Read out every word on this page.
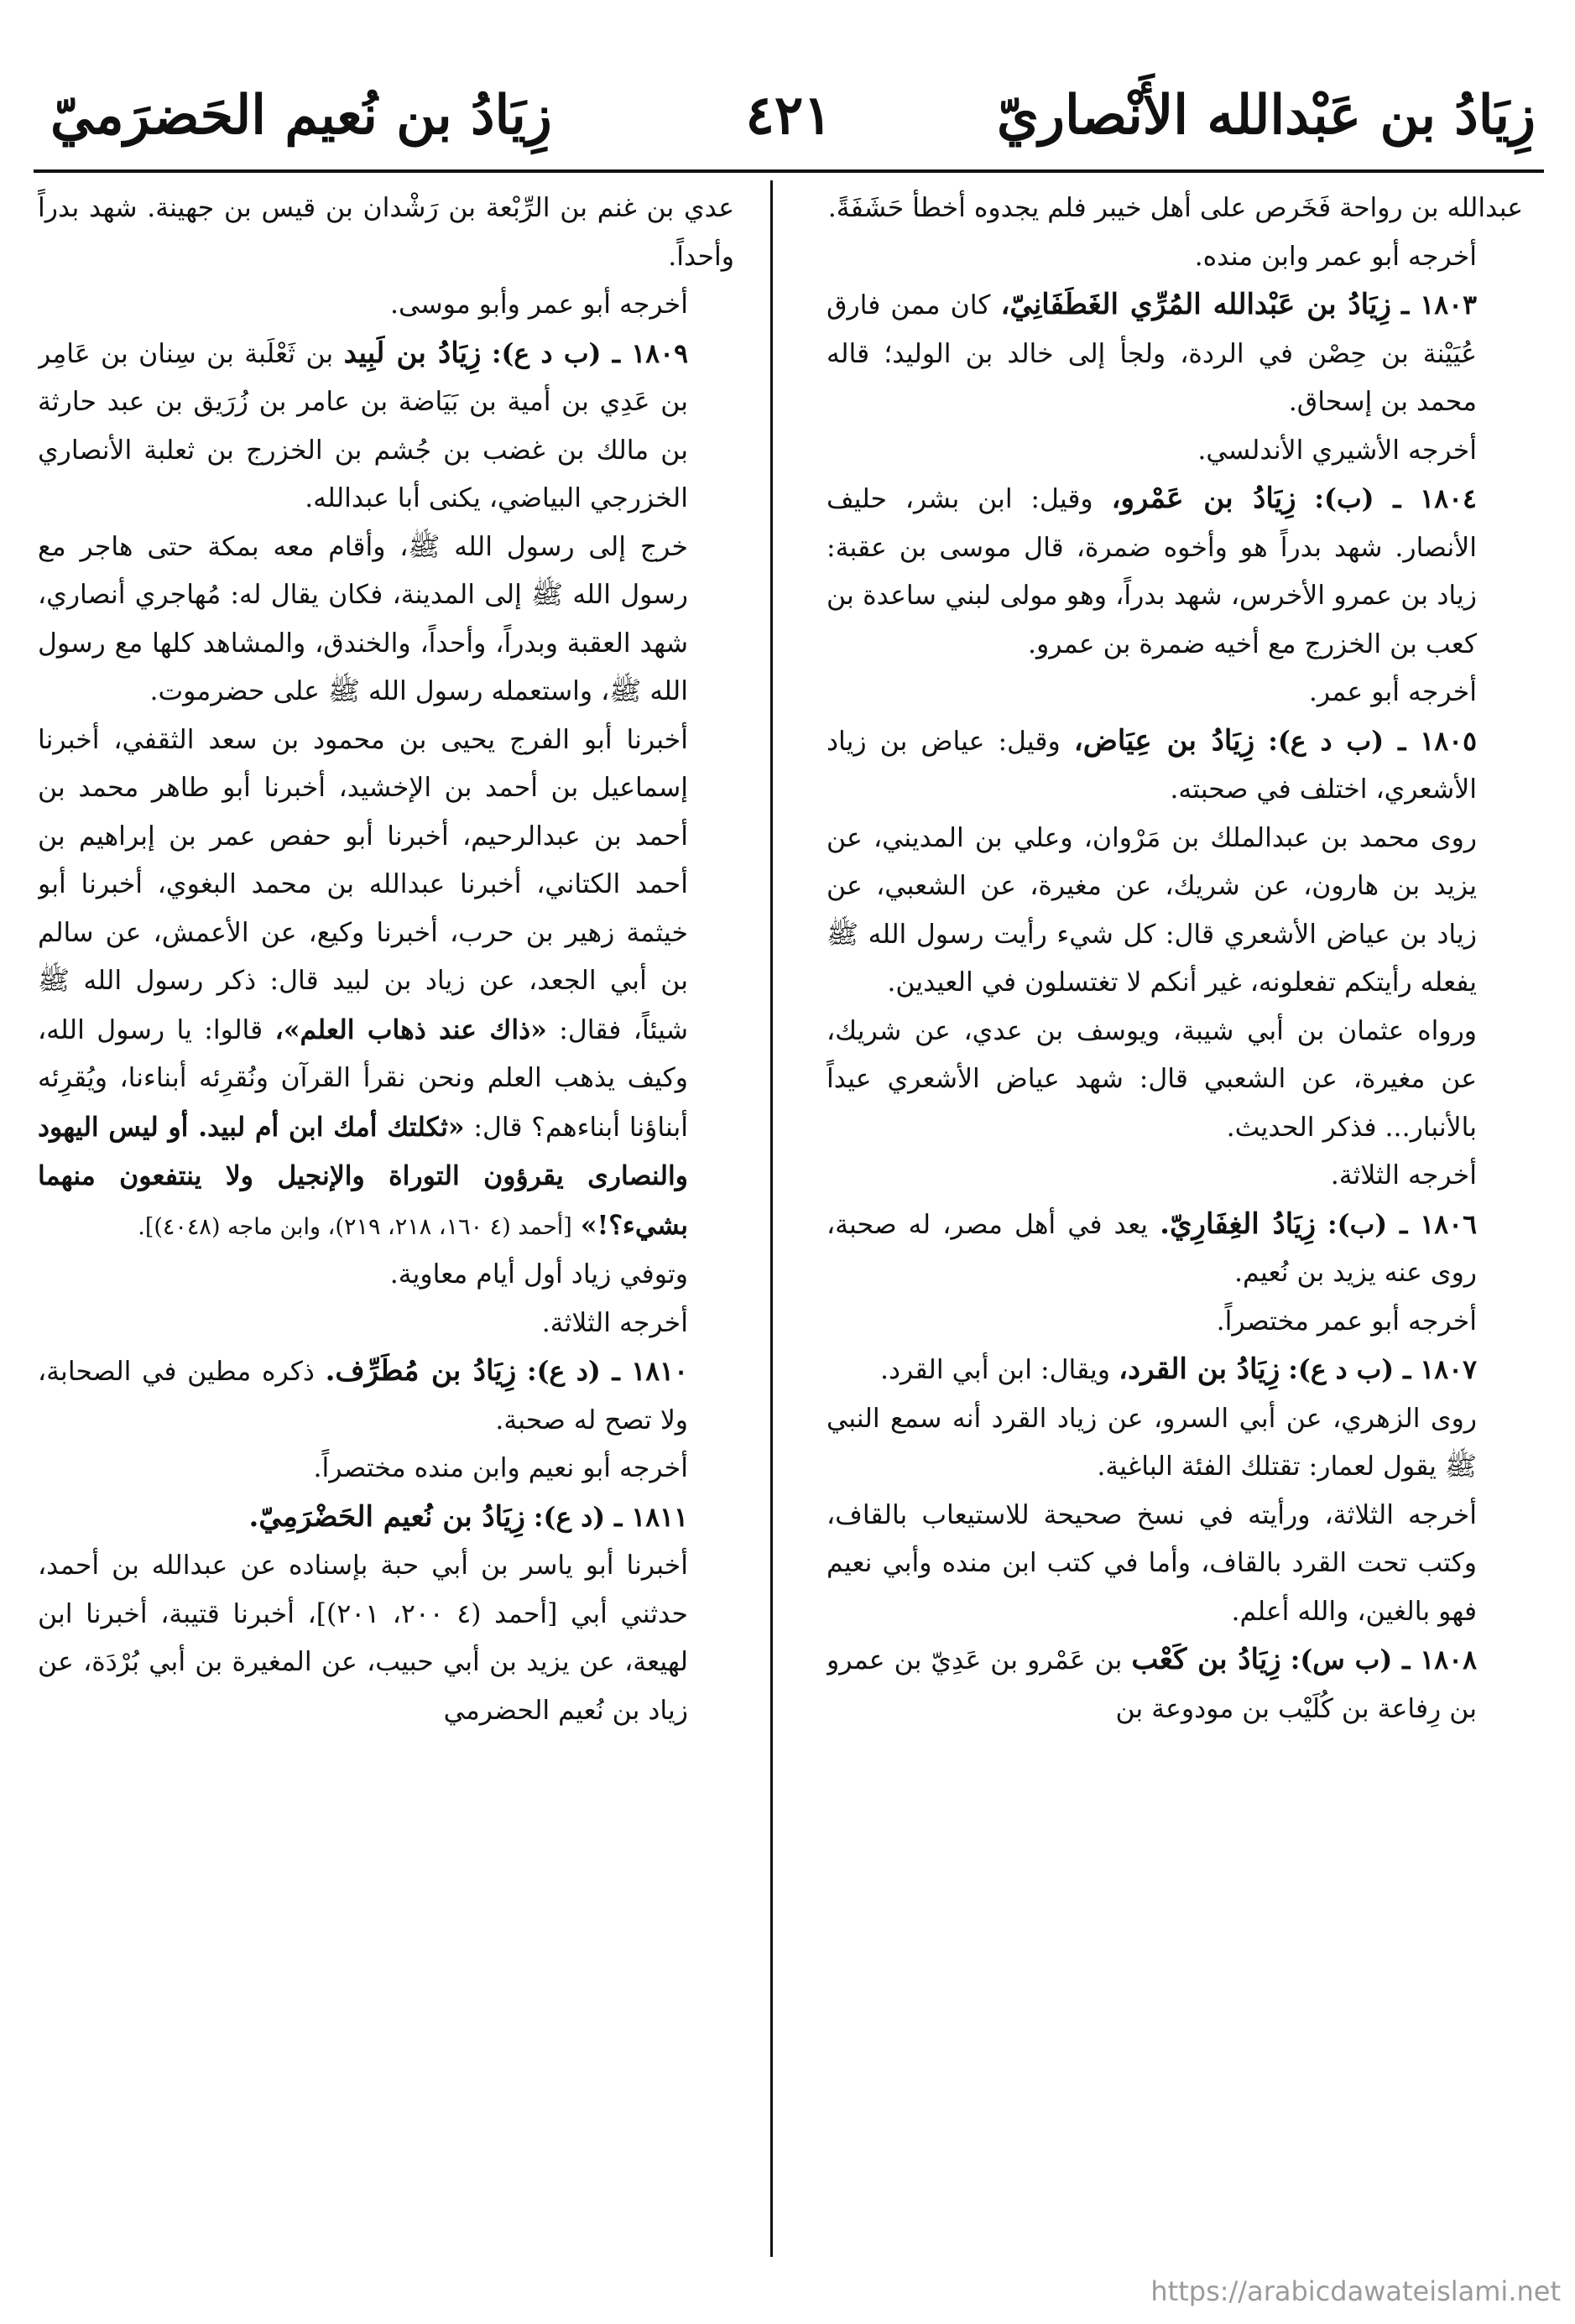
زِيَادُ بن عَبْدالله الأَنْصاريّ
٤٢١
زِيَادُ بن نُعيم الحَضرَميّ

عبدالله بن رواحة فَخَرص على أهل خيبر فلم يجدوه أخطأ حَشَفَةً.

أخرجه أبو عمر وابن منده.

١٨٠٣ ـ زِيَادُ بن عَبْدالله المُرِّي الغَطَفَانِيّ، كان ممن فارق عُيَيْنة بن حِصْن في الردة، ولجأ إلى خالد بن الوليد؛ قاله محمد بن إسحاق.

أخرجه الأشيري الأندلسي.

١٨٠٤ ـ (ب): زِيَادُ بن عَمْرو، وقيل: ابن بشر، حليف الأنصار. شهد بدراً هو وأخوه ضمرة، قال موسى بن عقبة: زياد بن عمرو الأخرس، شهد بدراً، وهو مولى لبني ساعدة بن كعب بن الخزرج مع أخيه ضمرة بن عمرو.

أخرجه أبو عمر.

١٨٠٥ ـ (ب د ع): زِيَادُ بن عِيَاض، وقيل: عياض بن زياد الأشعري، اختلف في صحبته.

روى محمد بن عبدالملك بن مَرْوان، وعلي بن المديني، عن يزيد بن هارون، عن شريك، عن مغيرة، عن الشعبي، عن زياد بن عياض الأشعري قال: كل شيء رأيت رسول الله ﷺ يفعله رأيتكم تفعلونه، غير أنكم لا تغتسلون في العيدين.

ورواه عثمان بن أبي شيبة، ويوسف بن عدي، عن شريك، عن مغيرة، عن الشعبي قال: شهد عياض الأشعري عيداً بالأنبار... فذكر الحديث.

أخرجه الثلاثة.

١٨٠٦ ـ (ب): زِيَادُ الغِفَارِيّ. يعد في أهل مصر، له صحبة، روى عنه يزيد بن نُعيم.

أخرجه أبو عمر مختصراً.

١٨٠٧ ـ (ب د ع): زِيَادُ بن القرد، ويقال: ابن أبي القرد.

روى الزهري، عن أبي السرو، عن زياد القرد أنه سمع النبي ﷺ يقول لعمار: تقتلك الفئة الباغية.

أخرجه الثلاثة، ورأيته في نسخ صحيحة للاستيعاب بالقاف، وكتب تحت القرد بالقاف، وأما في كتب ابن منده وأبي نعيم فهو بالغين، والله أعلم.

١٨٠٨ ـ (ب س): زِيَادُ بن كَعْب بن عَمْرو بن عَدِيّ بن عمرو بن رِفاعة بن كُلَيْب بن مودوعة بن

عدي بن غنم بن الرِّبْعة بن رَشْدان بن قيس بن جهينة. شهد بدراً وأحداً.

أخرجه أبو عمر وأبو موسى.

١٨٠٩ ـ (ب د ع): زِيَادُ بن لَبِيد بن ثَعْلَبة بن سِنان بن عَامِر بن عَدِي بن أمية بن بَيَاضة بن عامر بن زُرَيق بن عبد حارثة بن مالك بن غضب بن جُشم بن الخزرج بن ثعلبة الأنصاري الخزرجي البياضي، يكنى أبا عبدالله.

خرج إلى رسول الله ﷺ، وأقام معه بمكة حتى هاجر مع رسول الله ﷺ إلى المدينة، فكان يقال له: مُهاجري أنصاري، شهد العقبة وبدراً، وأحداً، والخندق، والمشاهد كلها مع رسول الله ﷺ، واستعمله رسول الله ﷺ على حضرموت.

أخبرنا أبو الفرج يحيى بن محمود بن سعد الثقفي، أخبرنا إسماعيل بن أحمد بن الإخشيد، أخبرنا أبو طاهر محمد بن أحمد بن عبدالرحيم، أخبرنا أبو حفص عمر بن إبراهيم بن أحمد الكتاني، أخبرنا عبدالله بن محمد البغوي، أخبرنا أبو خيثمة زهير بن حرب، أخبرنا وكيع، عن الأعمش، عن سالم بن أبي الجعد، عن زياد بن لبيد قال: ذكر رسول الله ﷺ شيئاً، فقال: «ذاك عند ذهاب العلم»، قالوا: يا رسول الله، وكيف يذهب العلم ونحن نقرأ القرآن ونُقرِئه أبناءنا، ويُقرِئه أبناؤنا أبناءهم؟ قال: «ثكلتك أمك ابن أم لبيد. أو ليس اليهود والنصارى يقرؤون التوراة والإنجيل ولا ينتفعون منهما بشيء؟!» [أحمد (٤ ١٦٠، ٢١٨، ٢١٩)، وابن ماجه (٤٠٤٨)].

وتوفي زياد أول أيام معاوية.

أخرجه الثلاثة.

١٨١٠ ـ (د ع): زِيَادُ بن مُطَرِّف. ذكره مطين في الصحابة، ولا تصح له صحبة.

أخرجه أبو نعيم وابن منده مختصراً.

١٨١١ ـ (د ع): زِيَادُ بن نُعيم الحَضْرَمِيّ.

أخبرنا أبو ياسر بن أبي حبة بإسناده عن عبدالله بن أحمد، حدثني أبي [أحمد (٤ ٢٠٠، ٢٠١)]، أخبرنا قتيبة، أخبرنا ابن لهيعة، عن يزيد بن أبي حبيب، عن المغيرة بن أبي بُرْدَة، عن زياد بن نُعيم الحضرمي

https://arabicdawateislami.net
